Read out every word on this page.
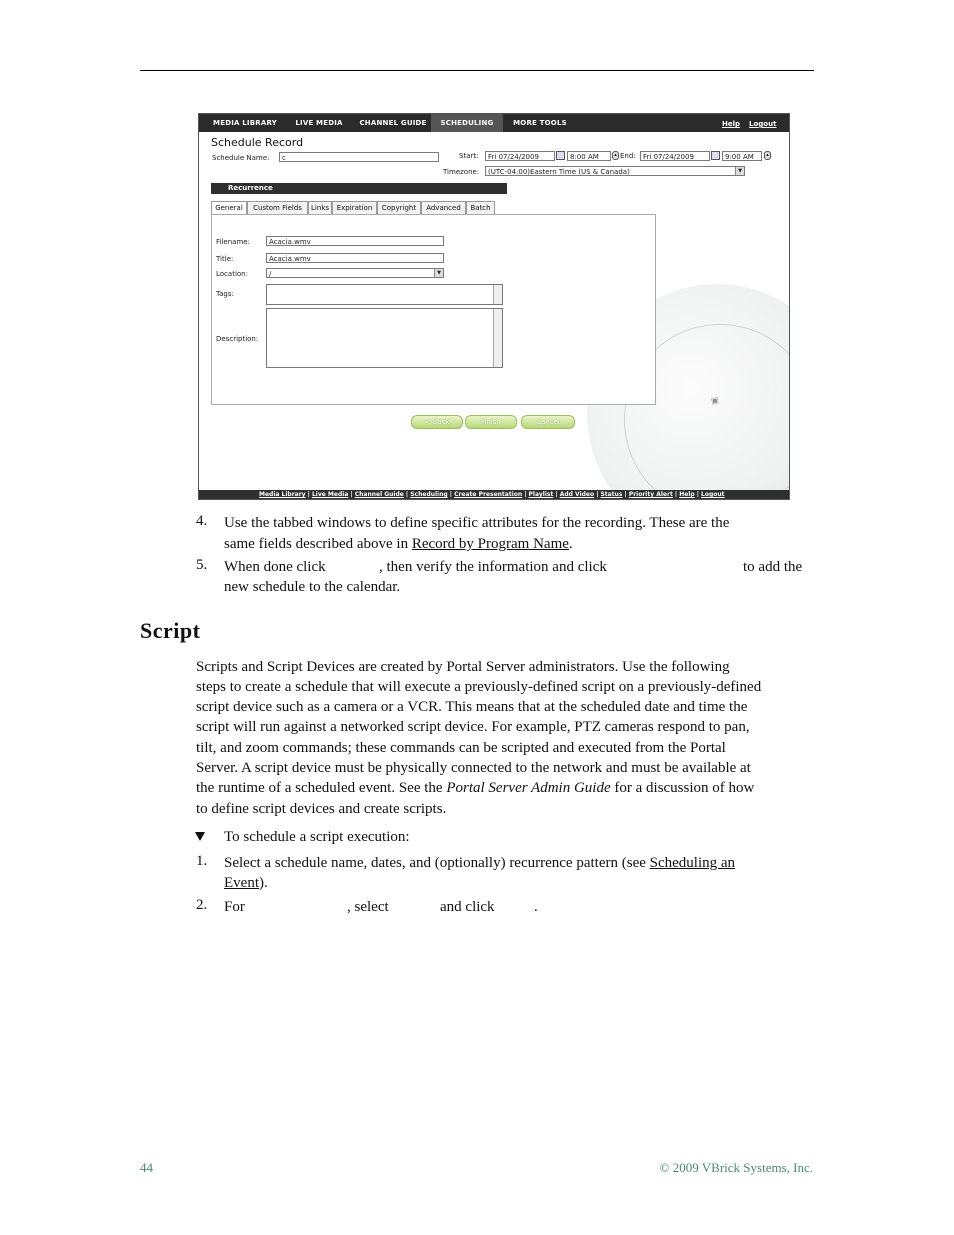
MEDIA LIBRARY	LIVE MEDIA	CHANNEL GUIDE	SCHEDULING	MORE TOOLS	Help Logout
Schedule Record
Schedule Name:	c	Start:	Fri 07/24/2009	8:00 AM	▴ End:	Fri 07/24/2009	9:00 AM	▴
Timezone:	(UTC-04:00)Eastern Time (US & Canada)	▼
Recurrence
General	Custom Fields	Links	Expiration	Copyright	Advanced	Batch
Filename:	Acacia.wmv
Title:	Acacia.wmv
Location:	/	▼
Tags:
Description:
< Back	Finish	Cancel
▣
Media Library | Live Media | Channel Guide | Scheduling | Create Presentation | Playlist | Add Video | Status | Priority Alert | Help | Logout
4. Use the tabbed windows to define specific attributes for the recording. These are the
same fields described above in Record by Program Name.
5. When done click	, then verify the information and click	to add the
new schedule to the calendar.
Script
Scripts and Script Devices are created by Portal Server administrators. Use the following
steps to create a schedule that will execute a previously-defined script on a previously-defined
script device such as a camera or a VCR. This means that at the scheduled date and time the
script will run against a networked script device. For example, PTZ cameras respond to pan,
tilt, and zoom commands; these commands can be scripted and executed from the Portal
Server. A script device must be physically connected to the network and must be available at
the runtime of a scheduled event. See the Portal Server Admin Guide for a discussion of how
to define script devices and create scripts.
To schedule a script execution:
1. Select a schedule name, dates, and (optionally) recurrence pattern (see Scheduling an
Event).
2. For	, select	and click	.
44	© 2009 VBrick Systems, Inc.
